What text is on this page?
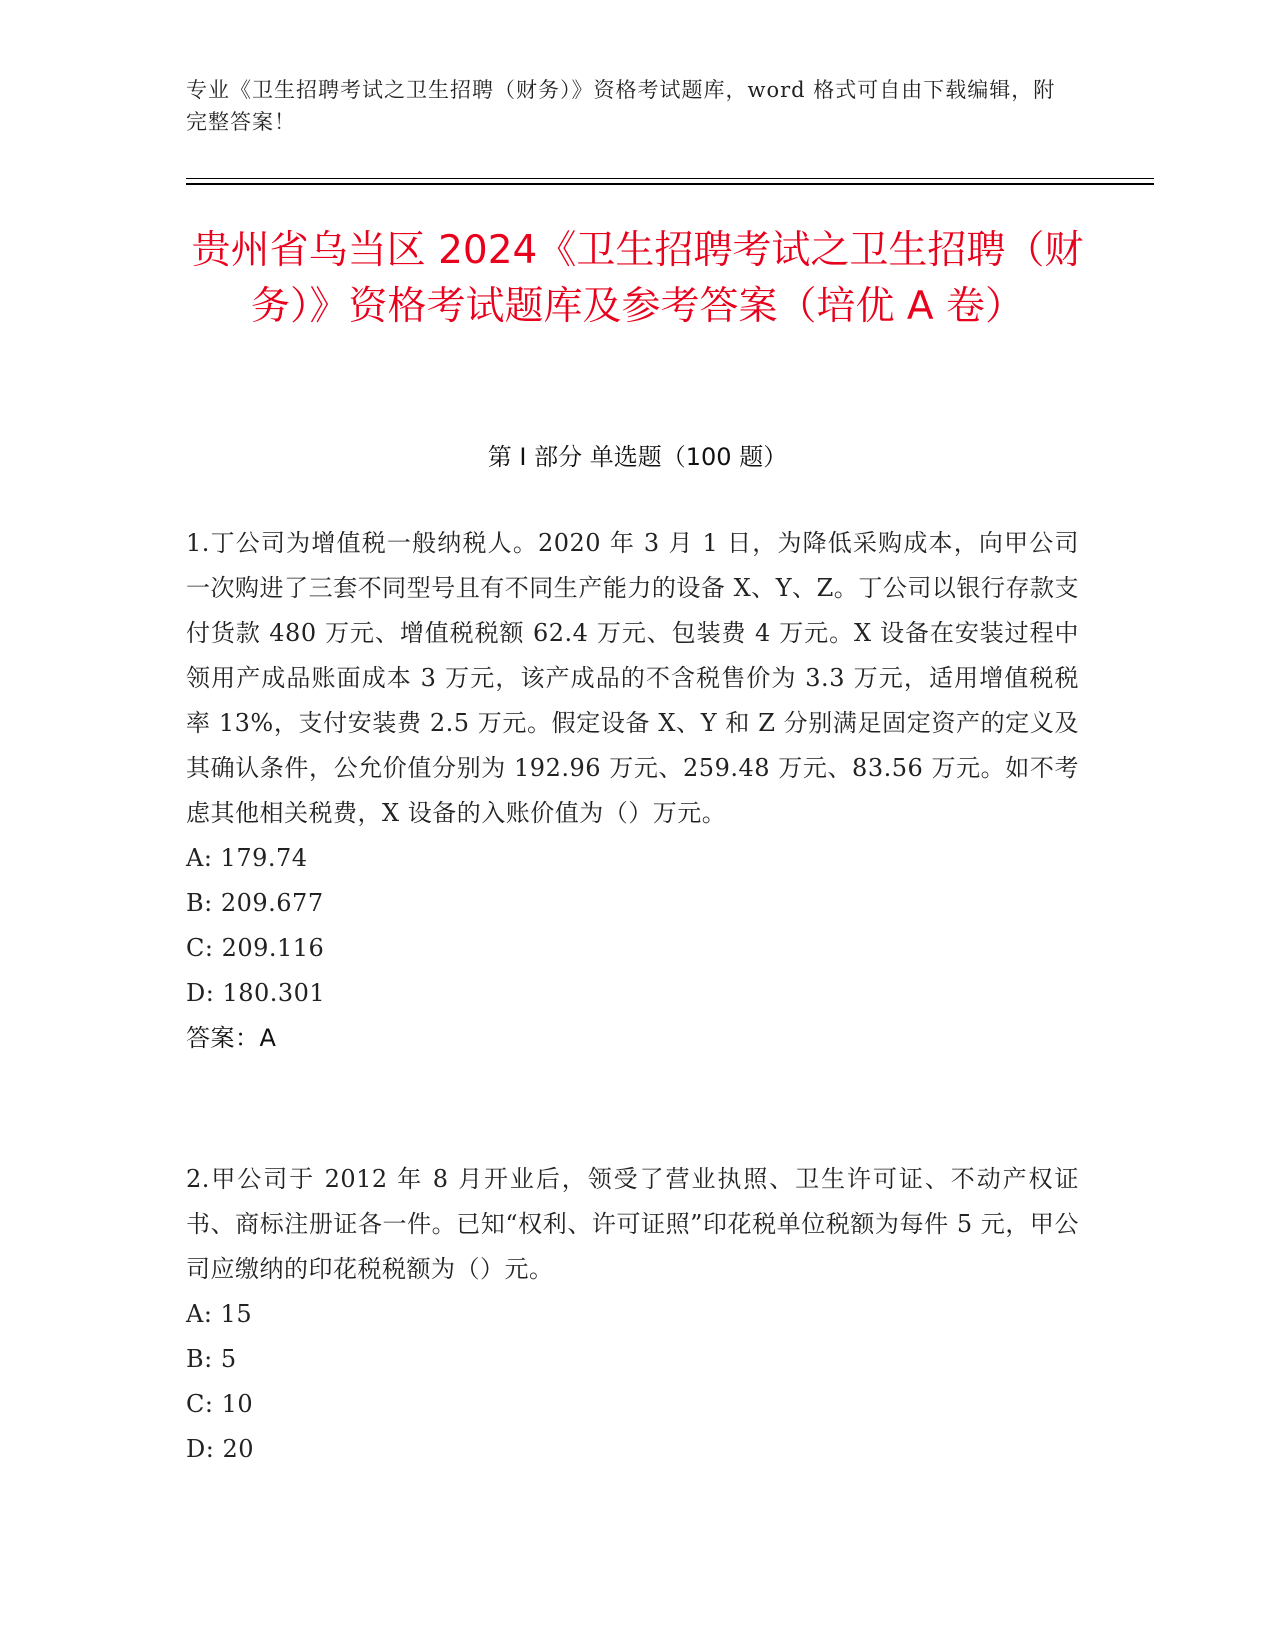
专业《卫生招聘考试之卫生招聘（财务）》资格考试题库，word 格式可自由下载编辑，附完整答案！
贵州省乌当区 2024《卫生招聘考试之卫生招聘（财务）》资格考试题库及参考答案（培优 A 卷）
第 I 部分 单选题（100 题）

1.丁公司为增值税一般纳税人。2020 年 3 月 1 日，为降低采购成本，向甲公司一次购进了三套不同型号且有不同生产能力的设备 X、Y、Z。丁公司以银行存款支付货款 480 万元、增值税税额 62.4 万元、包装费 4 万元。X 设备在安装过程中领用产成品账面成本 3 万元，该产成品的不含税售价为 3.3 万元，适用增值税税率 13%，支付安装费 2.5 万元。假定设备 X、Y 和 Z 分别满足固定资产的定义及其确认条件，公允价值分别为 192.96 万元、259.48 万元、83.56 万元。如不考虑其他相关税费，X 设备的入账价值为（）万元。

A: 179.74

B: 209.677

C: 209.116

D: 180.301

答案：A

2.甲公司于 2012 年 8 月开业后，领受了营业执照、卫生许可证、不动产权证书、商标注册证各一件。已知“权利、许可证照”印花税单位税额为每件 5 元，甲公司应缴纳的印花税税额为（）元。

A: 15

B: 5

C: 10

D: 20
